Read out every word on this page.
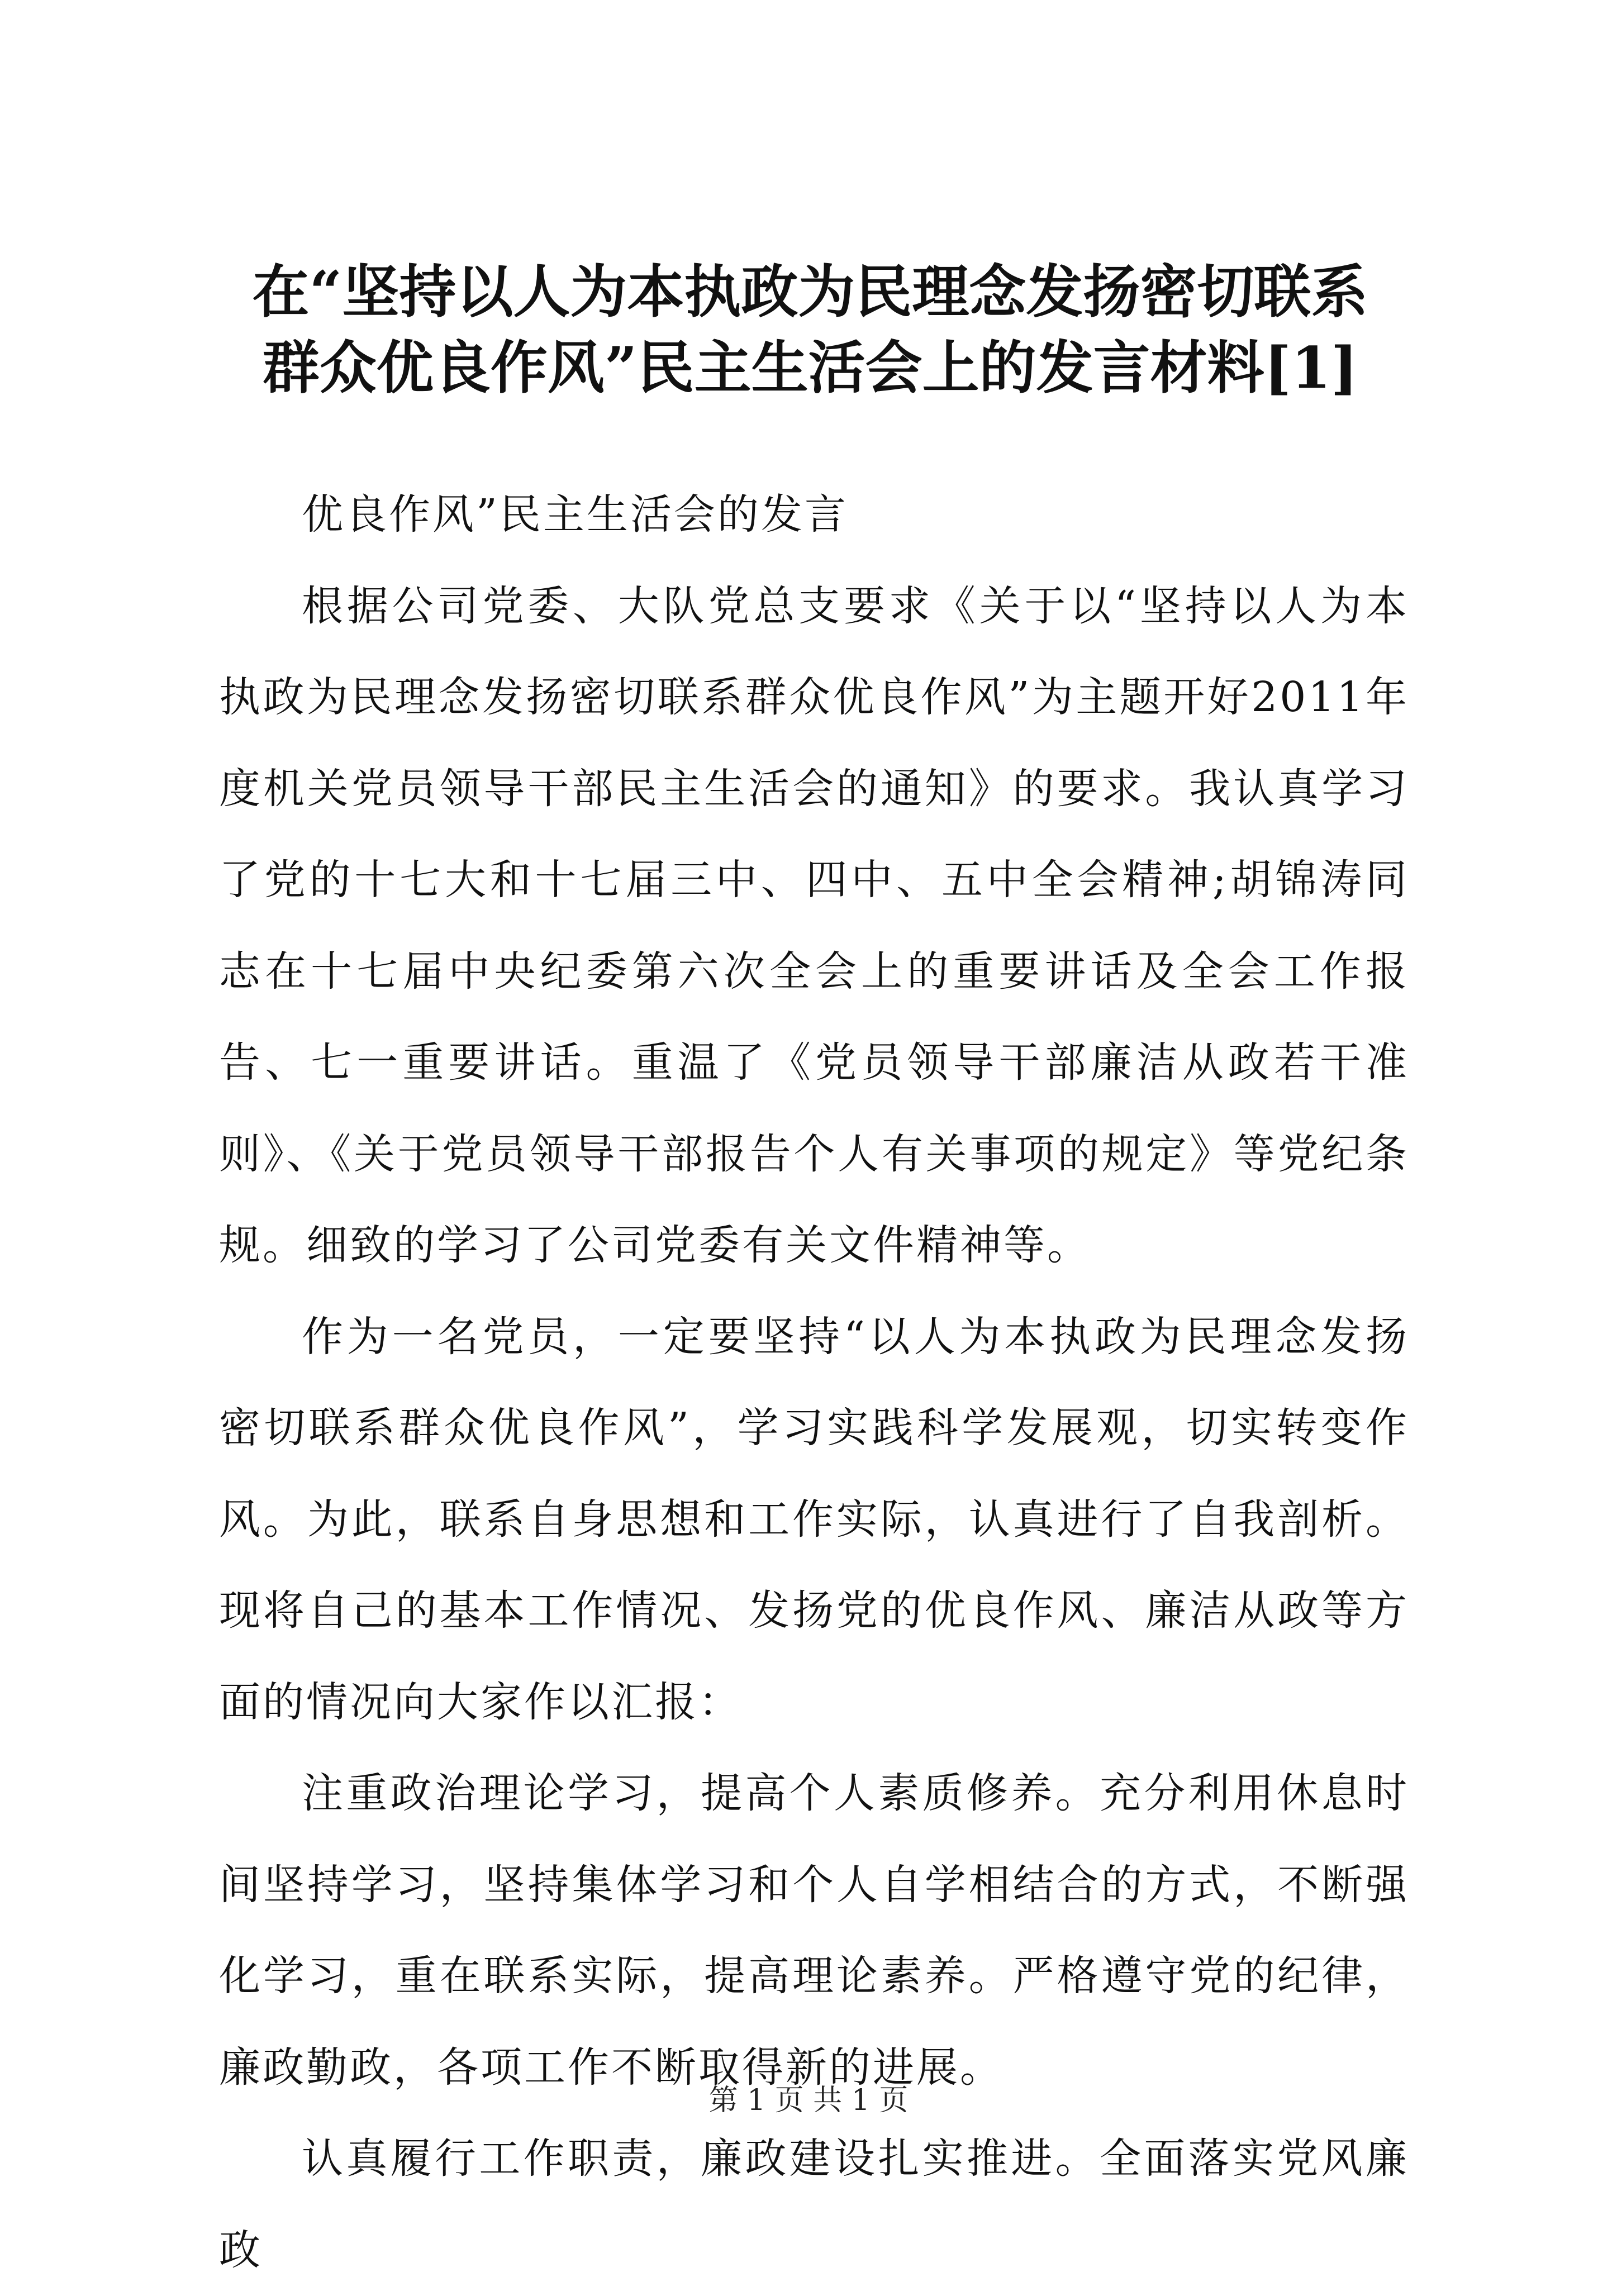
在“坚持以人为本执政为民理念发扬密切联系
群众优良作风”民主生活会上的发言材料[1]

优良作风”民主生活会的发言

根据公司党委、大队党总支要求《关于以“坚持以人为本执政为民理念发扬密切联系群众优良作风”为主题开好2011年度机关党员领导干部民主生活会的通知》的要求。我认真学习了党的十七大和十七届三中、四中、五中全会精神;胡锦涛同志在十七届中央纪委第六次全会上的重要讲话及全会工作报告、七一重要讲话。重温了《党员领导干部廉洁从政若干准则》、《关于党员领导干部报告个人有关事项的规定》等党纪条规。细致的学习了公司党委有关文件精神等。

作为一名党员，一定要坚持“以人为本执政为民理念发扬密切联系群众优良作风”，学习实践科学发展观，切实转变作风。为此，联系自身思想和工作实际，认真进行了自我剖析。现将自己的基本工作情况、发扬党的优良作风、廉洁从政等方面的情况向大家作以汇报：

注重政治理论学习，提高个人素质修养。充分利用休息时间坚持学习，坚持集体学习和个人自学相结合的方式，不断强化学习，重在联系实际，提高理论素养。严格遵守党的纪律，廉政勤政，各项工作不断取得新的进展。

认真履行工作职责，廉政建设扎实推进。全面落实党风廉政

第 1 页 共 1 页
